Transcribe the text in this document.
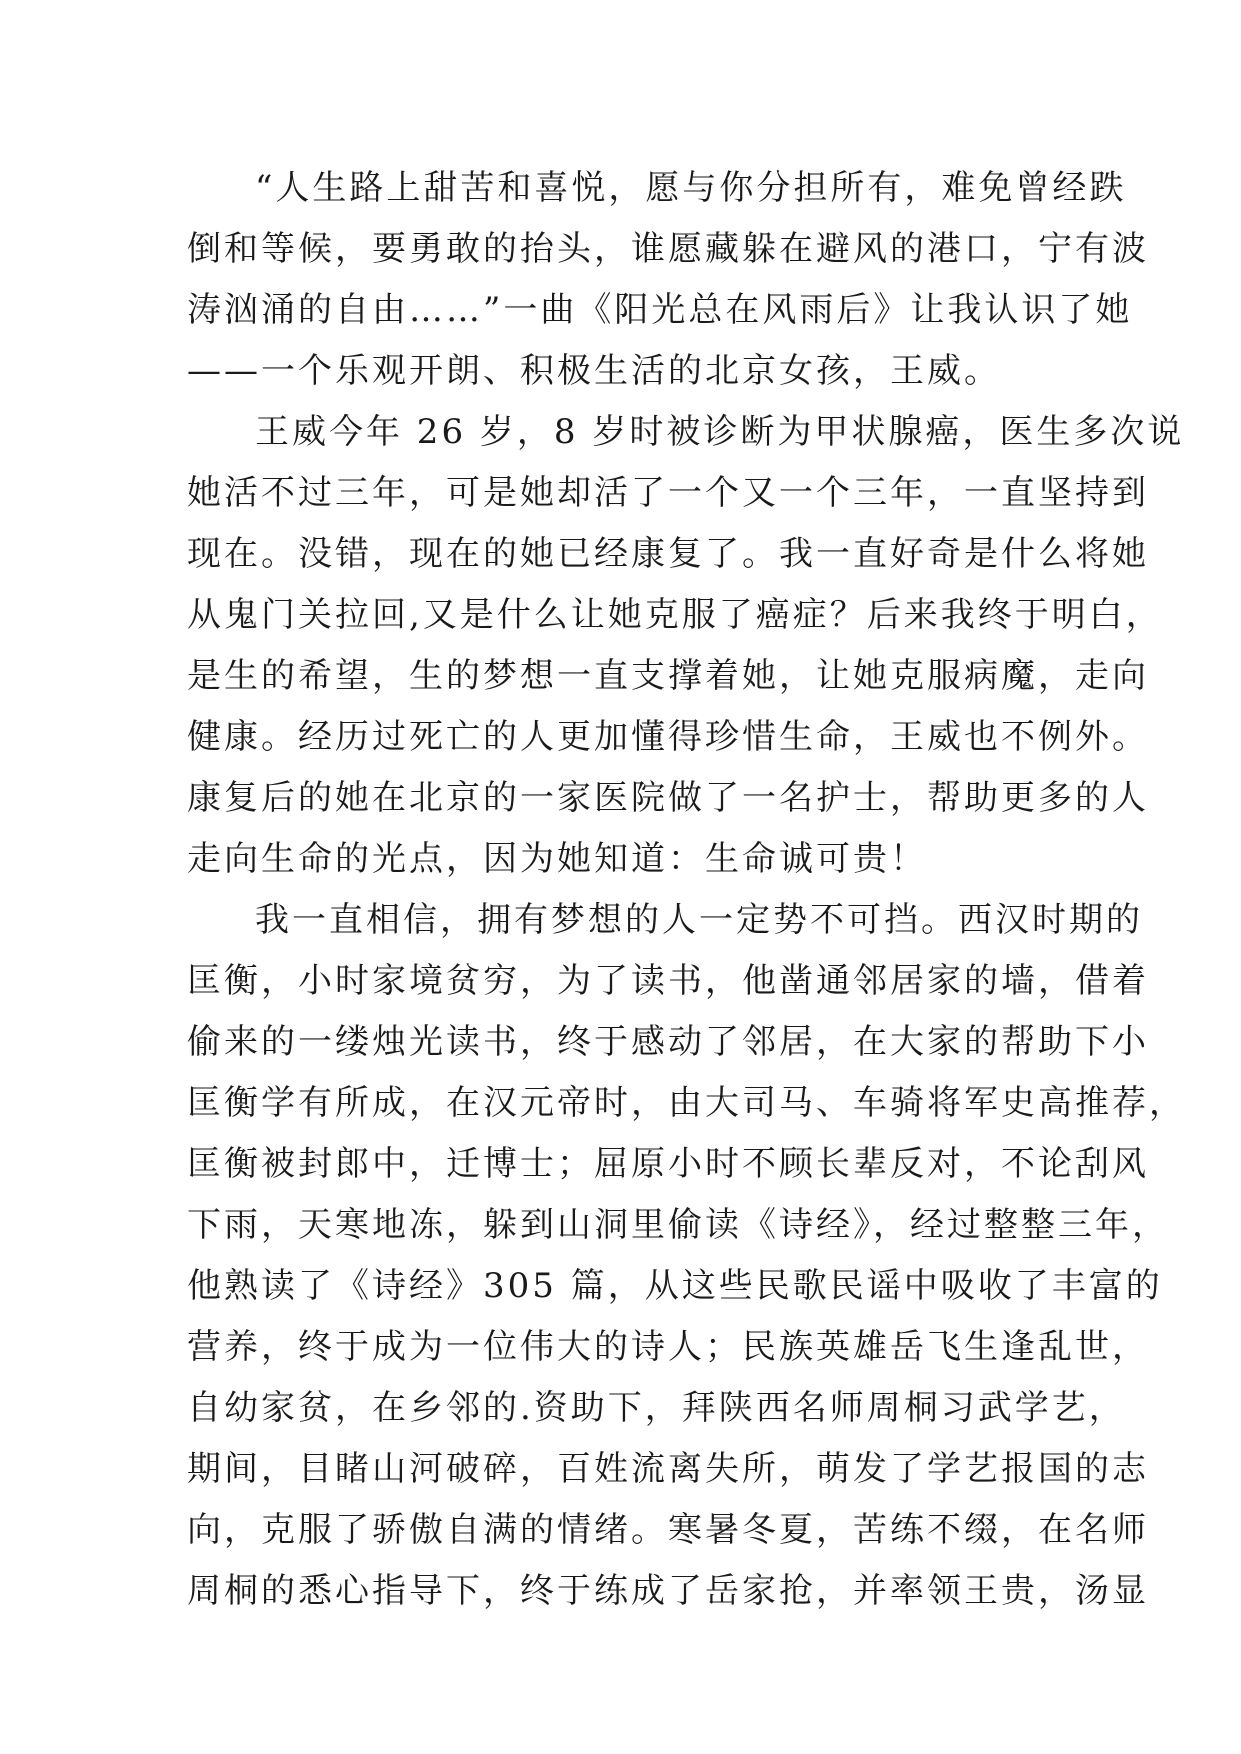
“人生路上甜苦和喜悦，愿与你分担所有，难免曾经跌
倒和等候，要勇敢的抬头，谁愿藏躲在避风的港口，宁有波
涛汹涌的自由……”一曲《阳光总在风雨后》让我认识了她
——一个乐观开朗、积极生活的北京女孩，王威。
王威今年 26 岁，8 岁时被诊断为甲状腺癌，医生多次说
她活不过三年，可是她却活了一个又一个三年，一直坚持到
现在。没错，现在的她已经康复了。我一直好奇是什么将她
从鬼门关拉回,又是什么让她克服了癌症？后来我终于明白，
是生的希望，生的梦想一直支撑着她，让她克服病魔，走向
健康。经历过死亡的人更加懂得珍惜生命，王威也不例外。
康复后的她在北京的一家医院做了一名护士，帮助更多的人
走向生命的光点，因为她知道：生命诚可贵！
我一直相信，拥有梦想的人一定势不可挡。西汉时期的
匡衡，小时家境贫穷，为了读书，他凿通邻居家的墙，借着
偷来的一缕烛光读书，终于感动了邻居，在大家的帮助下小
匡衡学有所成，在汉元帝时，由大司马、车骑将军史高推荐，
匡衡被封郎中，迁博士；屈原小时不顾长辈反对，不论刮风
下雨，天寒地冻，躲到山洞里偷读《诗经》，经过整整三年，
他熟读了《诗经》305 篇，从这些民歌民谣中吸收了丰富的
营养，终于成为一位伟大的诗人；民族英雄岳飞生逢乱世，
自幼家贫，在乡邻的.资助下，拜陕西名师周桐习武学艺，
期间，目睹山河破碎，百姓流离失所，萌发了学艺报国的志
向，克服了骄傲自满的情绪。寒暑冬夏，苦练不缀，在名师
周桐的悉心指导下，终于练成了岳家抢，并率领王贵，汤显
